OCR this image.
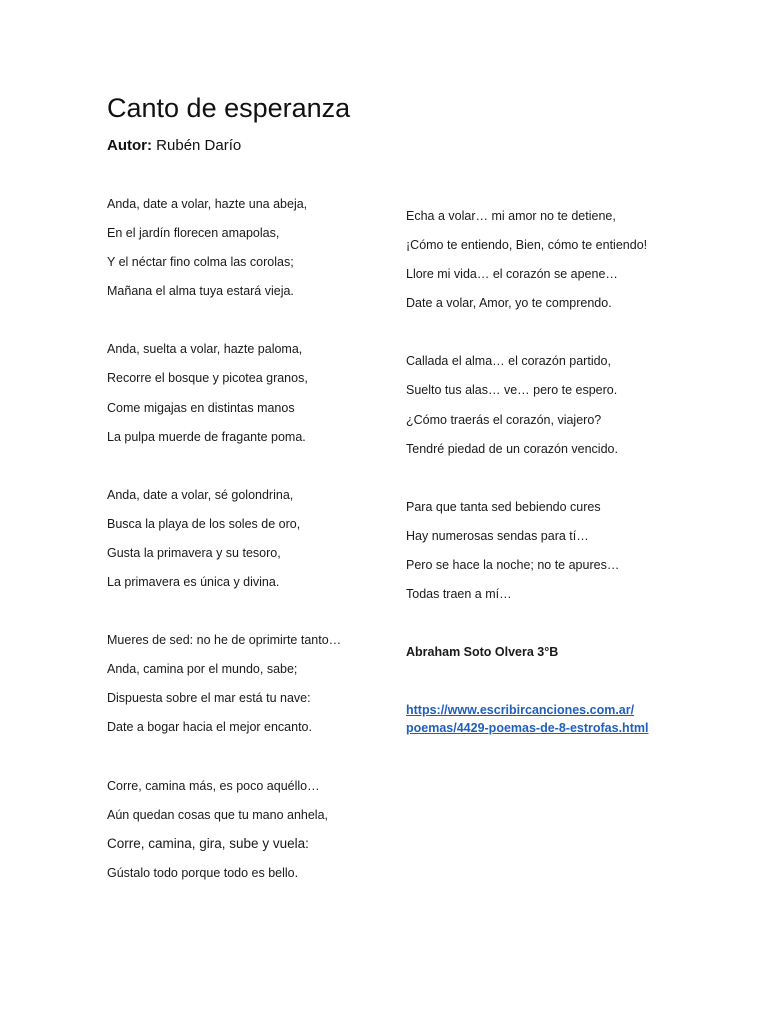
Canto de esperanza

Autor: Rubén Darío

Anda, date a volar, hazte una abeja,
En el jardín florecen amapolas,
Y el néctar fino colma las corolas;
Mañana el alma tuya estará vieja.
Anda, suelta a volar, hazte paloma,
Recorre el bosque y picotea granos,
Come migajas en distintas manos
La pulpa muerde de fragante poma.
Anda, date a volar, sé golondrina,
Busca la playa de los soles de oro,
Gusta la primavera y su tesoro,
La primavera es única y divina.
Mueres de sed: no he de oprimirte tanto…
Anda, camina por el mundo, sabe;
Dispuesta sobre el mar está tu nave:
Date a bogar hacia el mejor encanto.
Corre, camina más, es poco aquéllo…
Aún quedan cosas que tu mano anhela,
Corre, camina, gira, sube y vuela:
Gústalo todo porque todo es bello.
Echa a volar… mi amor no te detiene,
¡Cómo te entiendo, Bien, cómo te entiendo!
Llore mi vida… el corazón se apene…
Date a volar, Amor, yo te comprendo.
Callada el alma… el corazón partido,
Suelto tus alas… ve… pero te espero.
¿Cómo traerás el corazón, viajero?
Tendré piedad de un corazón vencido.
Para que tanta sed bebiendo cures
Hay numerosas sendas para tí…
Pero se hace la noche; no te apures…
Todas traen a mí…
Abraham Soto Olvera 3°B
https://www.escribircanciones.com.ar/
poemas/4429-poemas-de-8-estrofas.html
